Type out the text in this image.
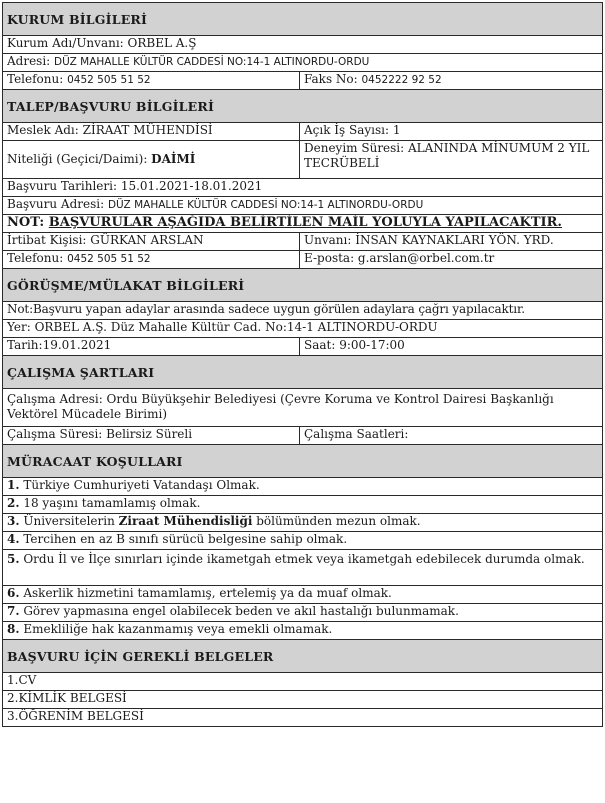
KURUM BİLGİLERİ	
Kurum Adı/Unvanı: ORBEL A.Ş	
Adresi: DÜZ MAHALLE KÜLTÜR CADDESİ NO:14-1 ALTINORDU-ORDU	
Telefonu: 0452 505 51 52	Faks No: 0452222 92 52
TALEP/BAŞVURU BİLGİLERİ	
Meslek Adı: ZİRAAT MÜHENDİSİ	Açık İş Sayısı: 1
Niteliği (Geçici/Daimi): DAİMİ	Deneyim Süresi: ALANINDA MİNUMUM 2 YIL TECRÜBELİ
Başvuru Tarihleri: 15.01.2021-18.01.2021	
Başvuru Adresi: DÜZ MAHALLE KÜLTÜR CADDESİ NO:14-1 ALTINORDU-ORDU	
NOT: BAŞVURULAR AŞAĞIDA BELİRTİLEN MAİL YOLUYLA YAPILACAKTIR.	
İrtibat Kişisi: GÜRKAN ARSLAN	Unvanı: İNSAN KAYNAKLARI YÖN. YRD.
Telefonu: 0452 505 51 52	E-posta: g.arslan@orbel.com.tr
GÖRÜŞME/MÜLAKAT BİLGİLERİ	
Not:Başvuru yapan adaylar arasında sadece uygun görülen adaylara çağrı yapılacaktır.	
Yer: ORBEL A.Ş. Düz Mahalle Kültür Cad. No:14-1 ALTINORDU-ORDU	
Tarih:19.01.2021	Saat: 9:00-17:00
ÇALIŞMA ŞARTLARI	
Çalışma Adresi: Ordu Büyükşehir Belediyesi (Çevre Koruma ve Kontrol Dairesi Başkanlığı Vektörel Mücadele Birimi)	
Çalışma Süresi: Belirsiz Süreli	Çalışma Saatleri:
MÜRACAAT KOŞULLARI	
1. Türkiye Cumhuriyeti Vatandaşı Olmak.	
2. 18 yaşını tamamlamış olmak.	
3. Üniversitelerin Ziraat Mühendisliği bölümünden mezun olmak.	
4. Tercihen en az B sınıfı sürücü belgesine sahip olmak.	
5. Ordu İl ve İlçe sınırları içinde ikametgah etmek veya ikametgah edebilecek durumda olmak.	
6. Askerlik hizmetini tamamlamış, ertelemiş ya da muaf olmak.	
7. Görev yapmasına engel olabilecek beden ve akıl hastalığı bulunmamak.	
8. Emekliliğe hak kazanmamış veya emekli olmamak.	
BAŞVURU İÇİN GEREKLİ BELGELER	
1.CV	
2.KİMLİK BELGESİ	
3.ÖĞRENİM BELGESİ	
